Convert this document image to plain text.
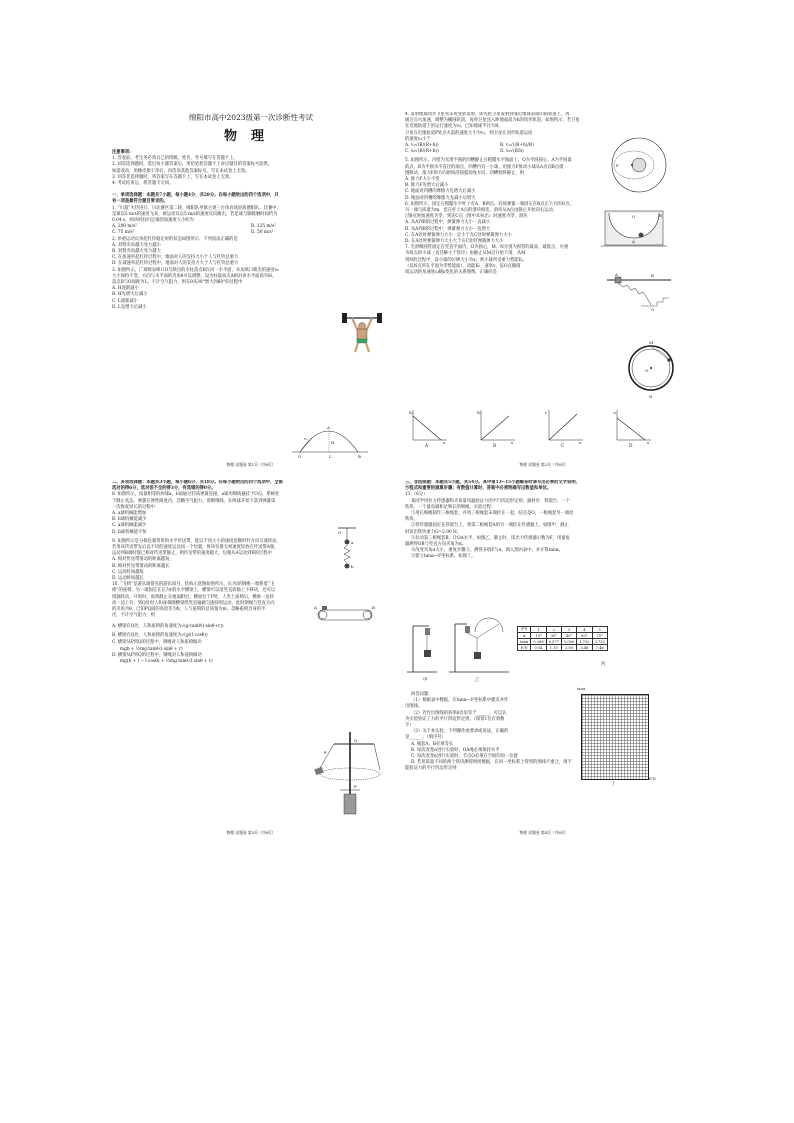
绵阳市高中2023级第一次诊断性考试
物理
注意事项:
1. 答卷前，考生务必将自己的班级、姓名、考号填写在答题卡上。
2. 回答选择题时，选出每小题答案后，用铅笔把答题卡上对应题目的答案标号涂黑。
如需改动，用橡皮擦干净后，再选涂其他答案标号。写在本试卷上无效。
3. 回答非选择题时，将答案写在答题卡上，写在本试卷上无效。
4. 考试结束后，将答题卡交回。
一、单项选择题：本题共7小题，每小题4分，共28分。在每小题给出的四个选项中，只
有一项是最符合题目要求的。
1. “川超”火热进行，川北赛区第二轮，绵阳队坐镇主场三台体育场迎战德阳队。比赛中，
足球以5 m/s的速度飞来，被运动员以5 m/s的速度反向踢出，若足球与脚接触时间约为
0.04 s，则该时间内足球的加速度大小约为
A. 200 m/s²	B. 125 m/s²
C. 75 m/s²	D. 50 m/s²
2. 举重运动员举起杠铃稳定时的状态如图所示，下列说法正确的是
A. 双臂夹角越大受力越小
B. 双臂夹角越大受力越大
C. 在加速举起杠铃过程中，地面对人的支持力小于人与杠铃总重力
D. 在减速举起杠铃过程中，地面对人的支持力大于人与杠铃总重力
3. 如图所示，广场喷泉喷口O与喷出的水柱落点B在同一水平面，水从喷口喷出的速度v₀
大小保持不变，方向与水平面的夹角θ可以调整，设水柱最高点A相对该水平面高为H，
落点B与O间距为L，不计空气阻力，则在θ从30°增大到60°的过程中
A. H逐渐减小
B. H先增大后减小
C. L逐渐减小
D. L先增大后减小
O	B
A
H
v₀
L
物理 试题卷 第1页（共6页）
4. 发射地球同步卫星常采用变轨发射，即先把卫星发射到靠近地球表面的圆轨道上，再
通过点火加速，调整为椭圆轨道，再将卫星送入距地面高为h的同步轨道。如图所示，若卫星
在近地轨道上的运行速度为v₀，已知地球半径为R，
卫星在近地轨道P处点火前的速度大小为v₁，则卫星在同步轨道运动
的速度v₂小于
A. v₁√(R/(R+h))	B. v₁√((R+h)/R)
C. v₀√(R/(R+h))	D. v₀√(R/h)
5. 如图所示，内壁为光滑半圆的凹槽静止在粗糙水平地面上，O为半圆圆心，A为半圆最
低点，B为半圆水平直径的端点，凹槽内有一小球，用推力F推动小球从A点向B点缓
慢移动，推力F的方向始终沿圆弧切线方向，凹槽始终静止，则
A. 推力F大小不变
B. 推力F先增大后减小
C. 地面对凹槽的摩擦力先增大后减小
D. 地面对凹槽的摩擦力先减小后增大
6. 如图所示，固定在粗糙水平杆上有A、B两点，轻质弹簧一端固定在B点正下方的O点，
另一端与质量为m、套在杆上A点的滑块相连，滑块从A点由静止开始向右运动，
过B点时加速度为零，到达C点（图中未标出）时速度为零，滑块
A. 从A到B的过程中，弹簧弹力大小一直减小
B. 从A到B的过程中，弹簧弹力大小一直增大
C. 在A处时弹簧弹力大小一定小于在C处时弹簧弹力大小
D. 在A处时弹簧弹力大小大于在C处时弹簧弹力大小
7. 光滑细圆管固定在竖直平面内，O为圆心，M、N分别为圆管的最高、最低点，可视
为质点的小球（直径略小于管径）由静止从M点开始下滑，从M
到N的过程中，设小球的位移大小为x，则小球所受重力势能Eₚ
（以N点所在平面为零势能面）、动能Eₖ、速率v、弦O点做圆
周运动的角速度ω随x变化的关系图像，正确的是
P
O
A
B
A	B
O
M
N
O
Eₚ
x
Eₖ
x
v
x
ω
x
A	B	C	D
物理 试题卷 第2页（共6页）
二、多项选择题：本题共3小题，每小题6分，共18分。在每小题给出的四个选项中，全部
选对的得6分，选对但不全的得3分，有选错的得0分。
8. 如图所示，质量相等的两球a、b间通过轻质弹簧连接，a球用细线悬挂于O点，系统处
于静止状态。弹簧在弹性限度内，忽略空气阻力。剪断细线，在两球开始下落到弹簧第
一次恢复原长的过程中
A. a球机械能增加
B. b球机械能减少
C. a球机械能减少
D. b球机械能守恒
9. 如图所示是分拣包裹常用的水平传送带，能以不同大小的速度沿顺时针方向匀速转动，
若用该传送带先后以不同的速度运送同一个包裹，将该包裹无初速度轻放在传送带A端，
运动到B端时都已相对传送带静止，则传送带的速度越大，包裹从A运动到B的过程中
A. 相对传送带滑动的距离越短
B. 相对传送带滑动的距离越长
C. 运动时间越短
D. 运动时间越长
10. “飞椅”是游乐场常见的游乐项目，结构示意图如图所示，长为l的钢绳一端系着“飞
椅”的座椅，另一端固定在长为r的水平横梁上，横梁可以沿竖直转轴上下移动，还可以
绕轴转动。开始时，座椅静止在地面附近，横梁位于P处，人坐上座椅后，横梁一边转
动一边上升，到Q处时人和座椅随横梁绕竖直轴做匀速圆周运动，此时钢绳与竖直方向
的夹角为θ，已知PQ间的高度差为h，人与座椅的总质量为m，忽略座椅自身的半
径，不计空气阻力，则
A. 横梁在Q处，人和座椅的角速度为√(g·tanθ/(l·sinθ+r))
B. 横梁在Q处，人和座椅的角速度为√(g/(l·cosθ))
C. 横梁从P到Q的过程中，钢绳对人和座椅做功
mgh + ½mg·tanθ·(l·sinθ + r)
D. 横梁从P到Q的过程中，钢绳对人和座椅做功
mg(h + l − l·cosθ) + ½mg·tanθ·(l·sinθ + r)
O
a
b
A	B
Q
P
θ
物理 试题卷 第3页（共6页）
三、非选择题：本题共5小题，共54分。其中第13~15小题解答时请写出必要的文字说明、
方程式和重要的演算步骤；有数值计算时，答案中必须明确写出数值和单位。
11.（6分）
某同学用拉力传感器和夹角量角器验证力的平行四边形定则，器材有：铁架台、一个
铁块、一个量角器和足够长的细绳。实验过程：
①用长细绳制作三根绳套，并将三根绳套末端拴在一起，结点是O，一根绳套另一端拴
铁块。
②将传感器固定在铁架台上，将第二根绳套A的另一端挂在传感器上，如图甲，静止
时读出铁块重力G=2.00 N。
③拉动第三根绳套B，让OA水平，如图乙，静止时，读出力传感器示数为F，用量角
器测得OB与竖直方向夹角为α。
④改变夹角α大小，重复步骤③，测得多组F与α，填入图丙表中，并计算tanα。
⑤建立tanα—F坐标系，如图丁。
甲	乙
序号	1	2	3	4	5
α	15°	30°	45°	60°	75°
tanα	0.268	0.577	1.000	1.732	3.732
F/N	0.54	1.15	2.00	3.46	7.46
丙
回答问题：
（1）根据表中数据，在tanα—F坐标系中描点并作
出图线。
（2）若作出图线的斜率k近似等于______，可以认
为实验验证了力的平行四边形定则；（保留1位有效数
字）
（3）关于本实验，下列操作或要求或说法，正确的
是______。（填序号）
A. 绳套A、B必须等长
B. 每次改变α进行实验时，OA绳必须保持水平
C. 每次改变α进行实验时，节点O必须在空间的同一位置
D. 若用质量不同的两个铁块测得两组数据，在同一坐标系上得到的图线不重合，则不
能验证力的平行四边形定则
tanα
F/N
丁
物理 试题卷 第4页（共6页）
